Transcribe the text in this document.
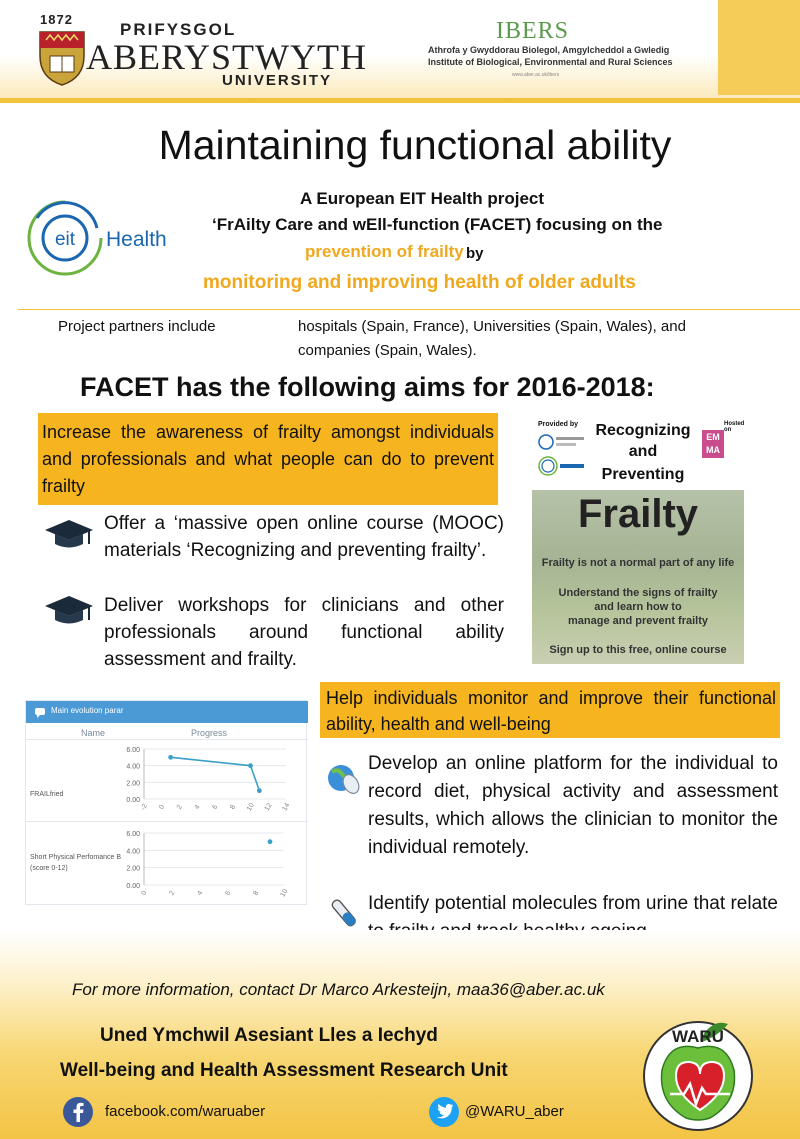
1872
PRIFYSGOL
ABERYSTWYTH
UNIVERSITY
IBERS
Athrofa y Gwyddorau Biolegol, Amgylcheddol a Gwledig
Institute of Biological, Environmental and Rural Sciences
www.aber.ac.uk/ibers
Maintaining functional ability
A European EIT Health project
‘FrAilty Care and wEll-function (FACET) focusing on the
prevention of frailty by
monitoring and improving health of older adults
eit Health
Project partners include	hospitals (Spain, France), Universities (Spain, Wales), and
companies (Spain, Wales).
FACET has the following aims for 2016-2018:
Increase the awareness of frailty amongst individuals and professionals and what people can do to prevent frailty
Offer a ‘massive open online course (MOOC) materials ‘Recognizing and preventing frailty’.
Deliver workshops for clinicians and other professionals around functional ability assessment and frailty.
Provided by Recognizing
and
Preventing
Hosted on
EM MA
Frailty
Frailty is not a normal part of any life
Understand the signs of frailty
and learn how to
manage and prevent frailty
Sign up to this free, online course
Main evolution parar
Name	Progress
FRAILfried
Short Physical Perfomance B
(score 0-12)
0.00
2.00
4.00
6.00
-2 0 2 4 6 8 10 12 14
0.00
2.00
4.00
6.00
0	2	4	6	8	10
Help individuals monitor and improve their functional ability, health and well-being
Develop an online platform for the individual to record diet, physical activity and assessment results, which allows the clinician to monitor the individual remotely.
Identify potential molecules from urine that relate
For more information, contact Dr Marco Arkesteijn, maa36@aber.ac.uk
Uned Ymchwil Asesiant Lles a Iechyd
Well-being and Health Assessment Research Unit
facebook.com/waruaber	@WARU_aber
WARU
